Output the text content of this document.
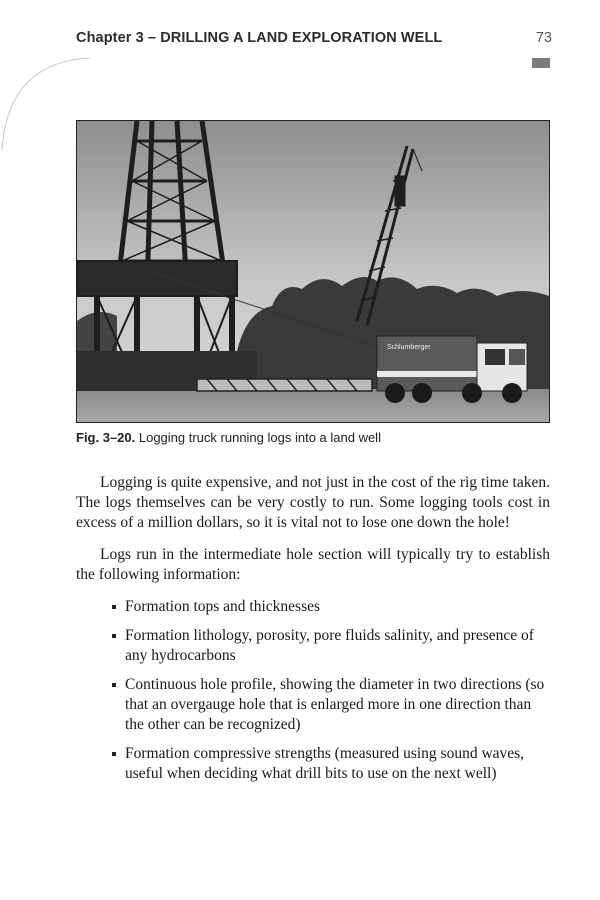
Chapter 3 – DRILLING A LAND EXPLORATION WELL	73
Schlumberger
Fig. 3–20. Logging truck running logs into a land well

Logging is quite expensive, and not just in the cost of the rig time taken. The logs themselves can be very costly to run. Some logging tools cost in excess of a million dollars, so it is vital not to lose one down the hole!

Logs run in the intermediate hole section will typically try to establish the following information:

Formation tops and thicknesses
Formation lithology, porosity, pore fluids salinity, and presence of any hydrocarbons
Continuous hole profile, showing the diameter in two directions (so that an overgauge hole that is enlarged more in one direction than the other can be recognized)
Formation compressive strengths (measured using sound waves, useful when deciding what drill bits to use on the next well)
